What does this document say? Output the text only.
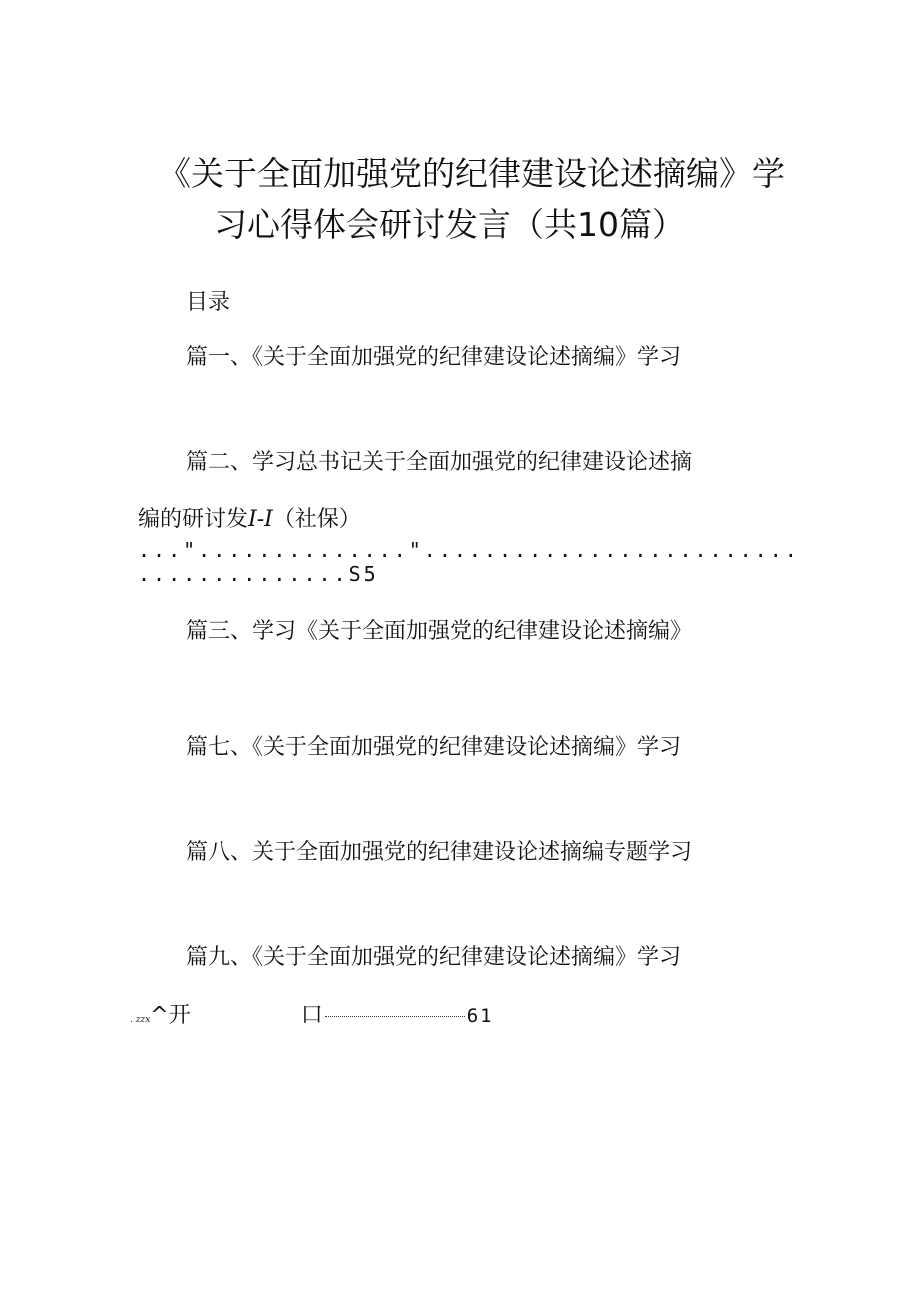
《关于全面加强党的纪律建设论述摘编》学
习心得体会研讨发言（共10篇）
目录
篇一、《关于全面加强党的纪律建设论述摘编》学习
篇二、学习总书记关于全面加强党的纪律建设论述摘
编的研讨发I-I（社保）
..."..............".........................
..............S5
篇三、学习《关于全面加强党的纪律建设论述摘编》
篇七、《关于全面加强党的纪律建设论述摘编》学习
篇八、关于全面加强党的纪律建设论述摘编专题学习
篇九、《关于全面加强党的纪律建设论述摘编》学习
. zzx^开	口	61
